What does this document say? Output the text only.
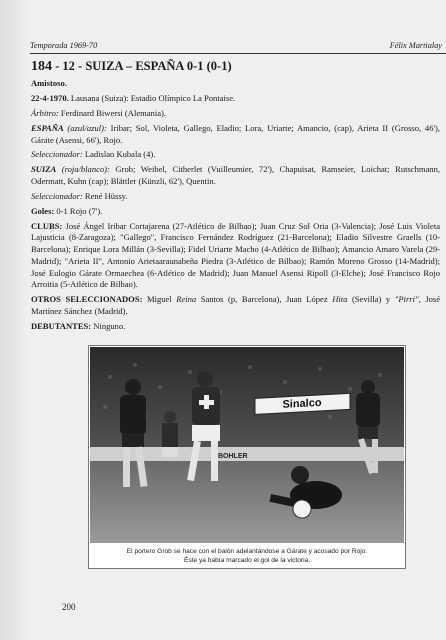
Temporada 1969-70	Félix Martialay

184 - 12 - SUIZA – ESPAÑA 0-1 (0-1)

Amistoso.

22-4-1970. Lausana (Suiza): Estadio Olímpico La Pontaise.

Árbitro: Ferdinard Biwersi (Alemania).

ESPAÑA (azul/azul): Iribar; Sol, Violeta, Gallego, Eladio; Lora, Uriarte; Amancio, (cap), Arieta II (Grosso, 46'), Gárate (Asensi, 66'), Rojo.

Seleccionador: Ladislao Kubala (4).

SUIZA (roja/blanco): Grob; Weibel, Citherlet (Vuilleumier, 72'), Chapuisat, Ramseier, Loichat; Rutschmann, Odermatt, Kuhn (cap); Blättler (Künzli, 62'), Quentin.

Seleccionador: René Hüssy.

Goles: 0-1 Rojo (7').

CLUBS: José Ángel Iribar Cortajarena (27-Atlético de Bilbao); Juan Cruz Sol Oria (3-Valencia); José Luis Violeta Lajusticia (8-Zaragoza); "Gallego", Francisco Fernández Rodríguez (21-Barcelona); Eladio Silvestre Graells (10-Barcelona); Enrique Lora Millán (3-Sevilla); Fidel Uriarte Macho (4-Atlético de Bilbao); Amancio Amaro Varela (29-Madrid); "Arieta II", Antonio Arietaaraunabeña Piedra (3-Atlético de Bilbao); Ramón Moreno Grosso (14-Madrid); José Eulogio Gárate Ormaechea (6-Atlético de Madrid); Juan Manuel Asensi Ripoll (3-Elche); José Francisco Rojo Arroitia (5-Atlético de Bilbao).

OTROS SELECCIONADOS: Miguel Reina Santos (p, Barcelona), Juan López Hita (Sevilla) y "Pirri", José Martínez Sánchez (Madrid).

DEBUTANTES: Ninguno.

Sinalco
BOHLER
El portero Grob se hace con el balón adelantándose a Gárate y acosado por Rojo.
Éste ya había marcado el gol de la victoria.
200
